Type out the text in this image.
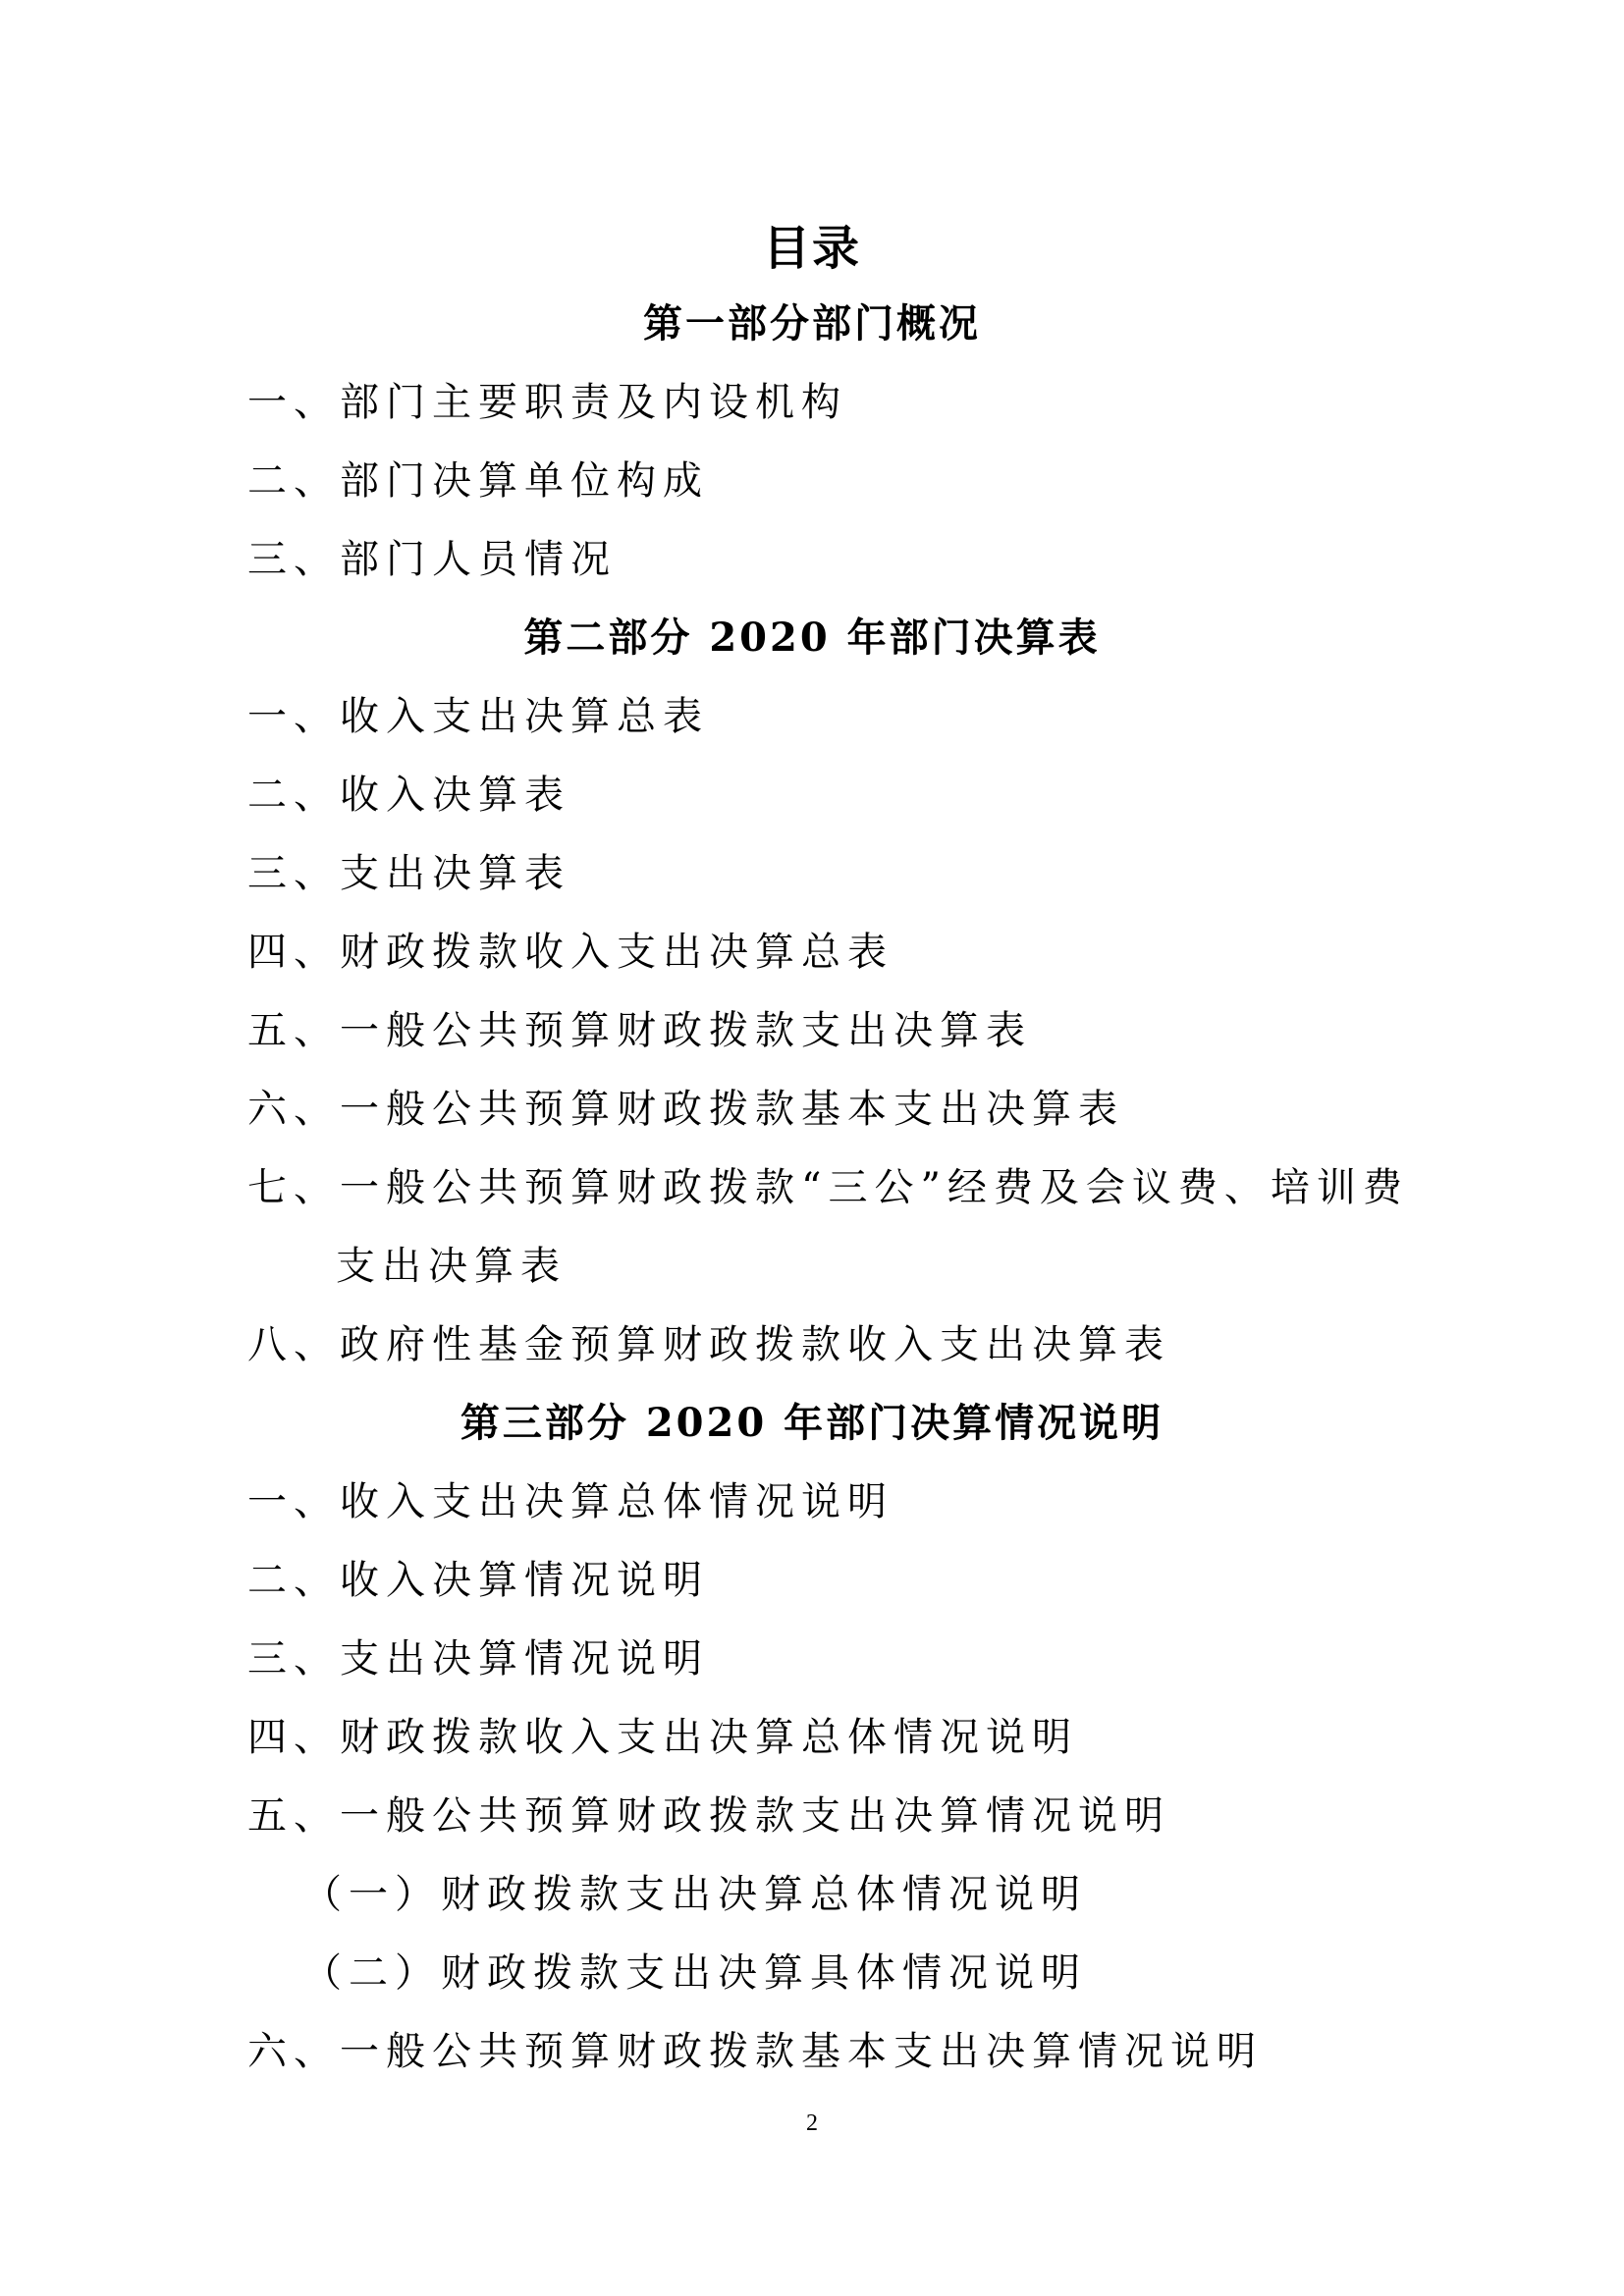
目录
第一部分部门概况
一、部门主要职责及内设机构
二、部门决算单位构成
三、部门人员情况
第二部分 2020 年部门决算表
一、收入支出决算总表
二、收入决算表
三、支出决算表
四、财政拨款收入支出决算总表
五、一般公共预算财政拨款支出决算表
六、一般公共预算财政拨款基本支出决算表
七、一般公共预算财政拨款“三公”经费及会议费、培训费
支出决算表
八、政府性基金预算财政拨款收入支出决算表
第三部分 2020 年部门决算情况说明
一、收入支出决算总体情况说明
二、收入决算情况说明
三、支出决算情况说明
四、财政拨款收入支出决算总体情况说明
五、一般公共预算财政拨款支出决算情况说明
（一）财政拨款支出决算总体情况说明
（二）财政拨款支出决算具体情况说明
六、一般公共预算财政拨款基本支出决算情况说明
2
